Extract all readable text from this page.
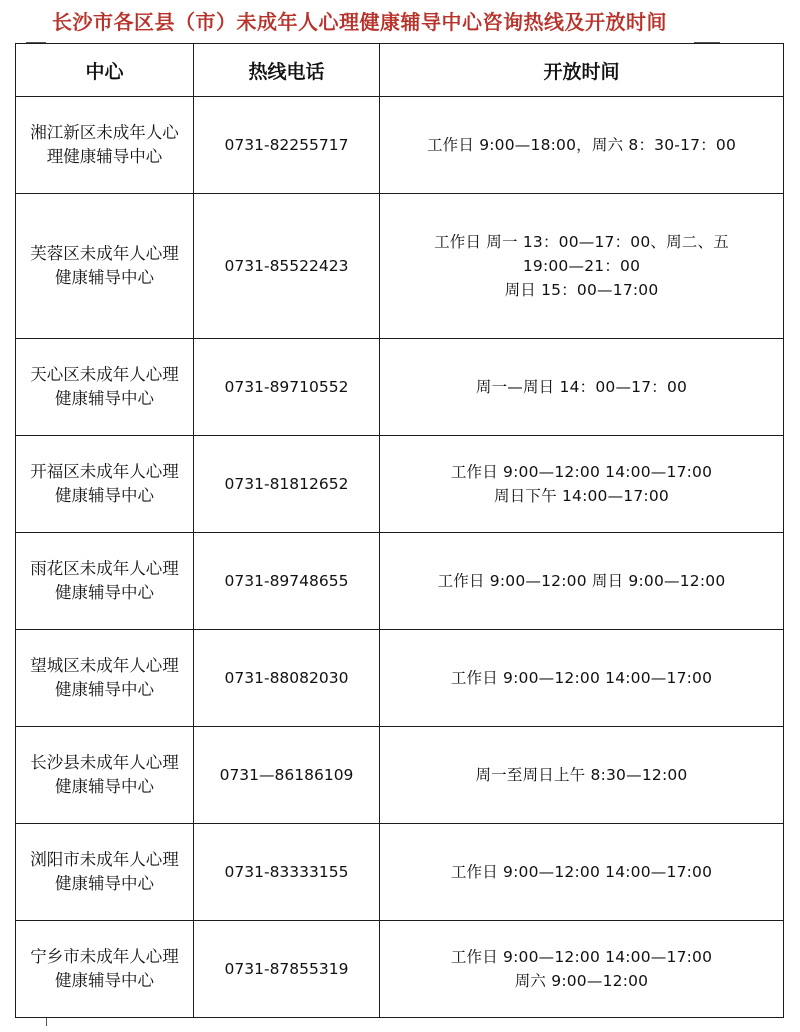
长沙市各区县（市）未成年人心理健康辅导中心咨询热线及开放时间
中心	热线电话	开放时间
湘江新区未成年人心理健康辅导中心	0731-82255717	工作日 9:00—18:00，周六 8：30-17：00
芙蓉区未成年人心理健康辅导中心	0731-85522423	工作日 周一 13：00—17：00、周二、五
19:00—21：00
周日 15：00—17:00
天心区未成年人心理健康辅导中心	0731-89710552	周一—周日 14：00—17：00
开福区未成年人心理健康辅导中心	0731-81812652	工作日 9:00—12:00 14:00—17:00
周日下午 14:00—17:00
雨花区未成年人心理健康辅导中心	0731-89748655	工作日 9:00—12:00 周日 9:00—12:00
望城区未成年人心理健康辅导中心	0731-88082030	工作日 9:00—12:00 14:00—17:00
长沙县未成年人心理健康辅导中心	0731—86186109	周一至周日上午 8:30—12:00
浏阳市未成年人心理健康辅导中心	0731-83333155	工作日 9:00—12:00 14:00—17:00
宁乡市未成年人心理健康辅导中心	0731-87855319	工作日 9:00—12:00 14:00—17:00
周六 9:00—12:00
